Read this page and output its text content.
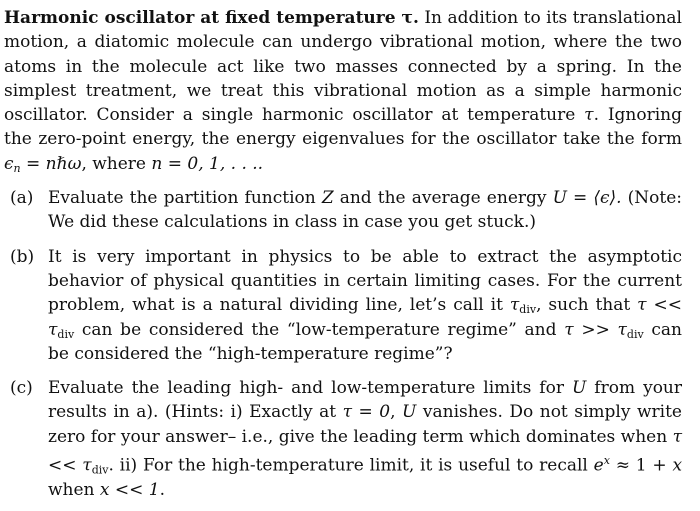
Harmonic oscillator at fixed temperature τ. In addition to its translational motion, a diatomic molecule can undergo vibrational motion, where the two atoms in the molecule act like two masses connected by a spring. In the simplest treatment, we treat this vibrational motion as a simple harmonic oscillator. Consider a single harmonic oscillator at temperature τ. Ignoring the zero-point energy, the energy eigenvalues for the oscillator take the form $\epsilon_n$ = nℏω, where n = 0, 1, . . ..

(a) Evaluate the partition function Z and the average energy U = ⟨ϵ⟩. (Note: We did these calculations in class in case you get stuck.)
(b) It is very important in physics to be able to extract the asymptotic behavior of physical quantities in certain limiting cases. For the current problem, what is a natural dividing line, let’s call it $\tau_{div}$, such that $\tau << \tau_{div}$ can be considered the “low-temperature regime” and $\tau >> \tau_{div}$ can be considered the “high-temperature regime”?
(c) Evaluate the leading high- and low-temperature limits for U from your results in a). (Hints: i) Exactly at τ = 0, U vanishes. Do not simply write zero for your answer– i.e., give the leading term which dominates when $\tau << \tau_{div}$. ii) For the high-temperature limit, it is useful to recall $e^x \approx 1 + x$ when x << 1.
